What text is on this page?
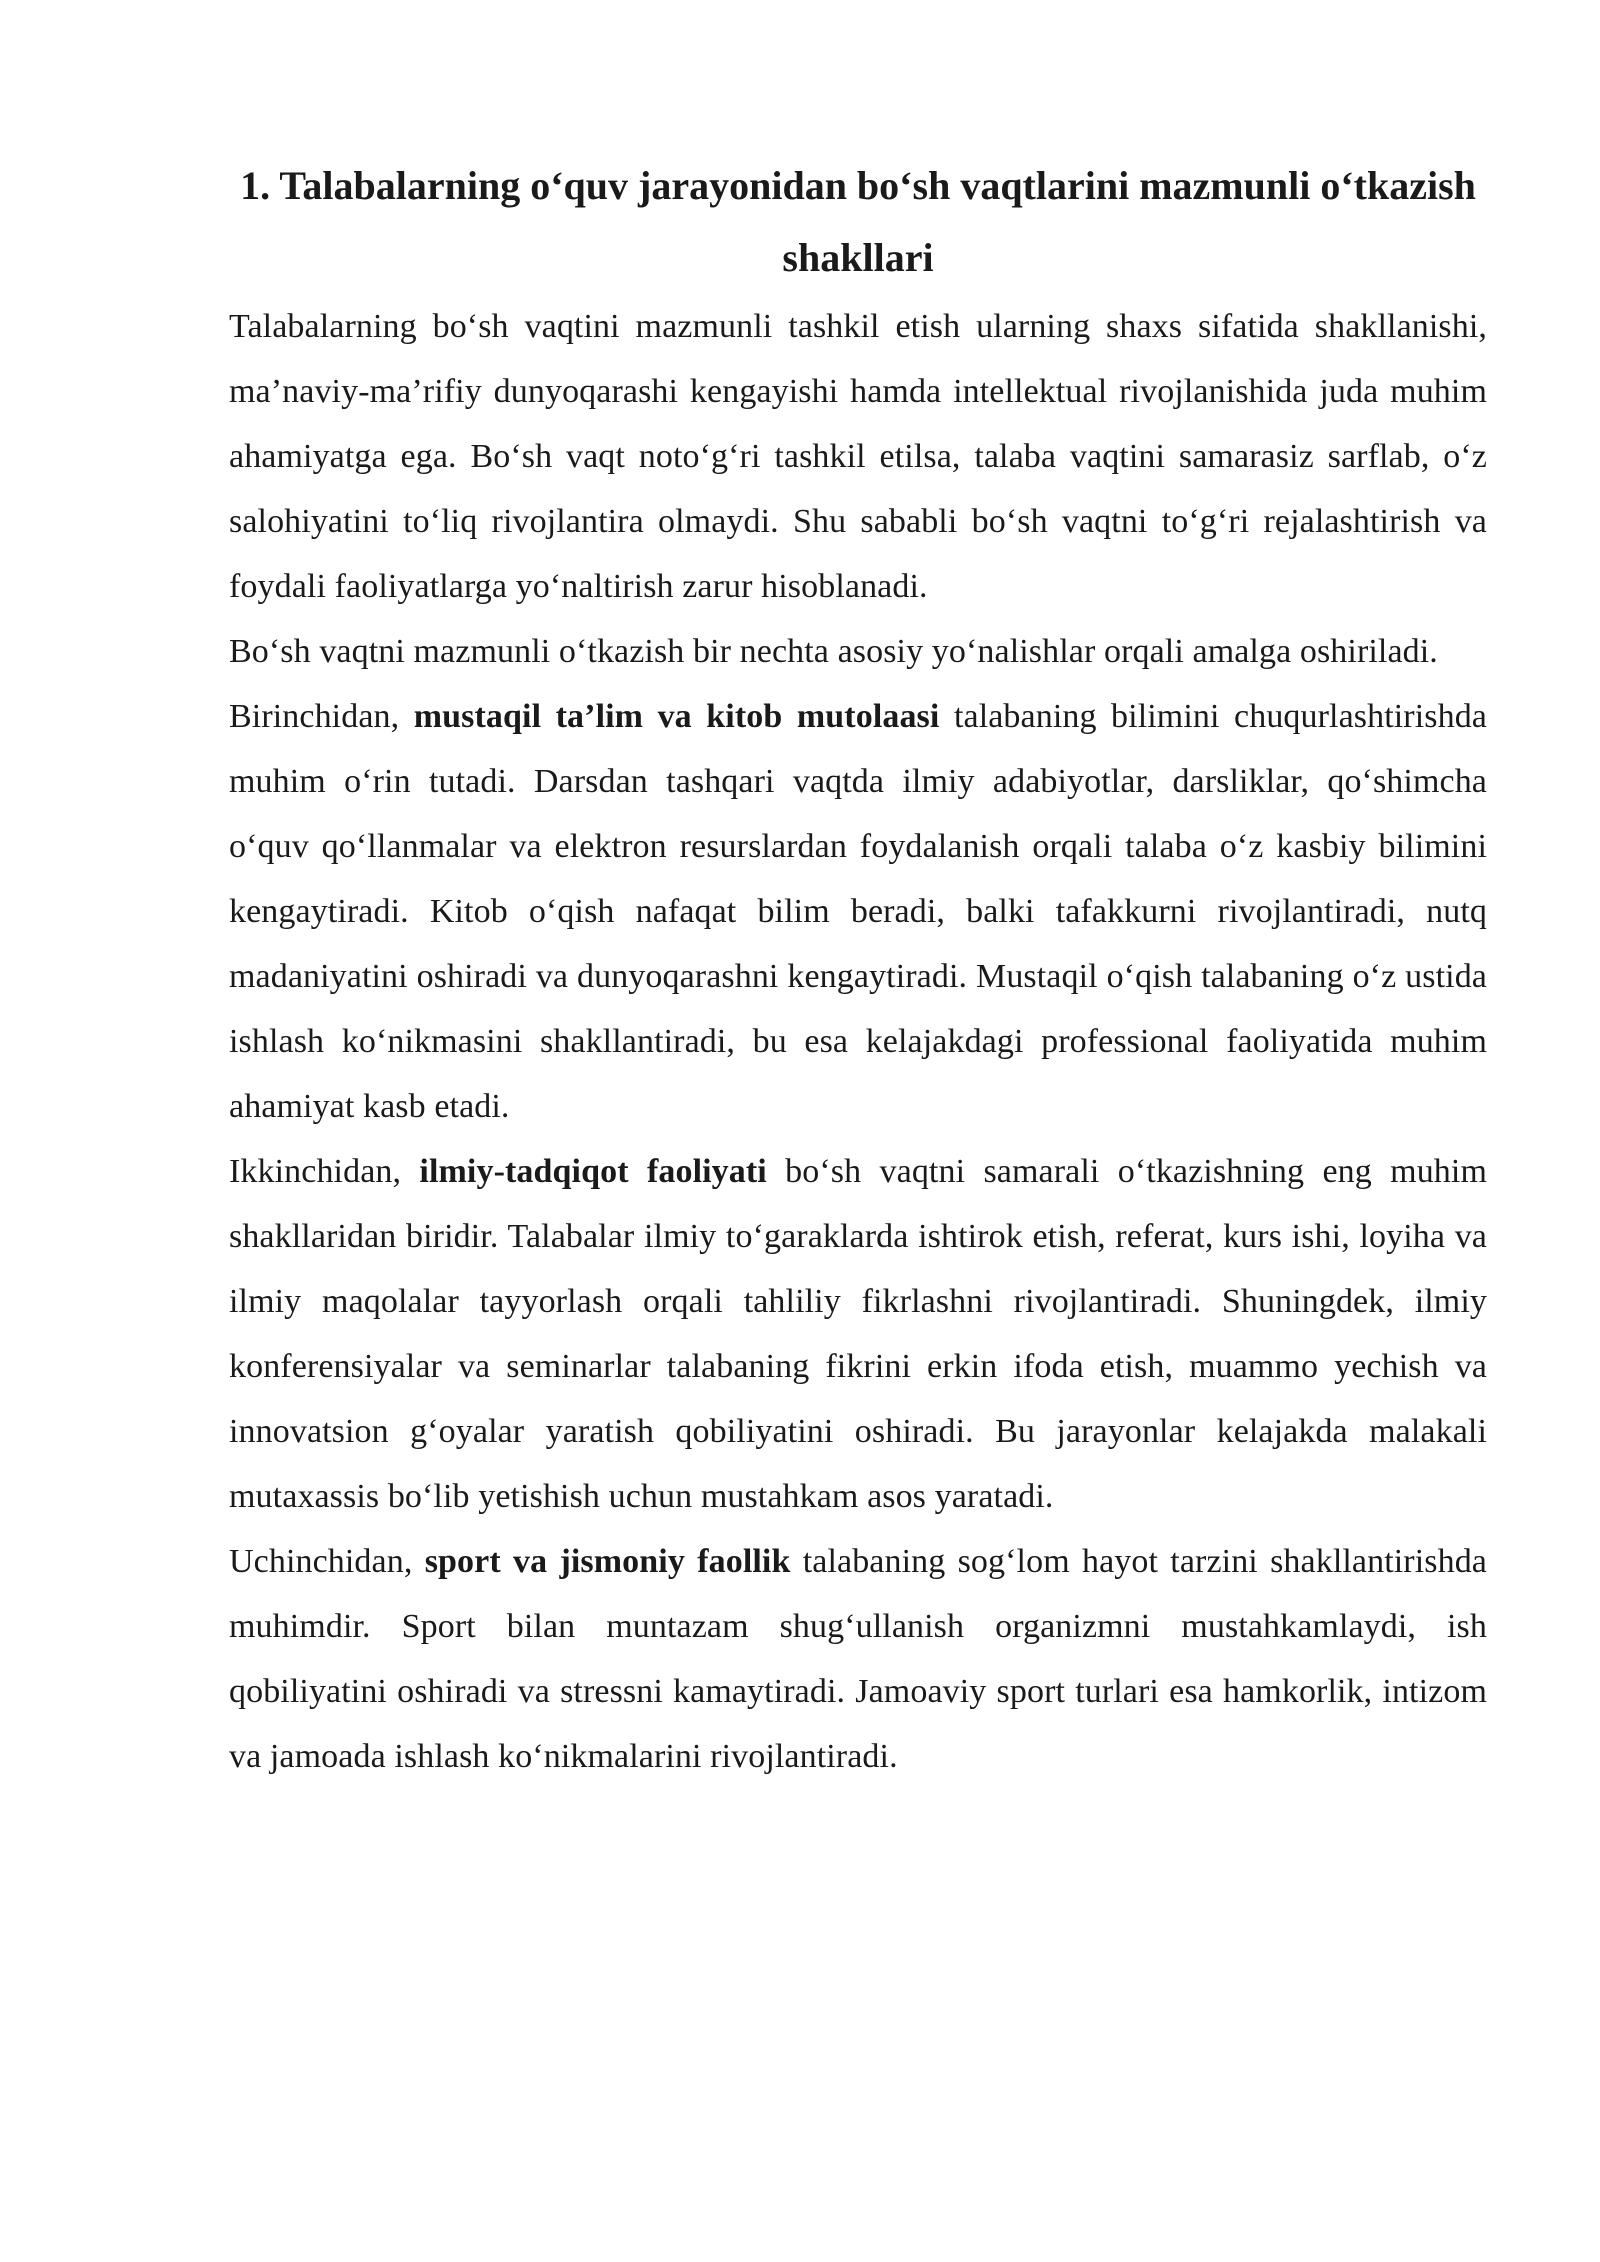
1. Talabalarning o‘quv jarayonidan bo‘sh vaqtlarini mazmunli o‘tkazish shakllari

Talabalarning bo‘sh vaqtini mazmunli tashkil etish ularning shaxs sifatida shakllanishi, ma’naviy-ma’rifiy dunyoqarashi kengayishi hamda intellektual rivojlanishida juda muhim ahamiyatga ega. Bo‘sh vaqt noto‘g‘ri tashkil etilsa, talaba vaqtini samarasiz sarflab, o‘z salohiyatini to‘liq rivojlantira olmaydi. Shu sababli bo‘sh vaqtni to‘g‘ri rejalashtirish va foydali faoliyatlarga yo‘naltirish zarur hisoblanadi.

Bo‘sh vaqtni mazmunli o‘tkazish bir nechta asosiy yo‘nalishlar orqali amalga oshiriladi.

Birinchidan, mustaqil ta’lim va kitob mutolaasi talabaning bilimini chuqurlashtirishda muhim o‘rin tutadi. Darsdan tashqari vaqtda ilmiy adabiyotlar, darsliklar, qo‘shimcha o‘quv qo‘llanmalar va elektron resurslardan foydalanish orqali talaba o‘z kasbiy bilimini kengaytiradi. Kitob o‘qish nafaqat bilim beradi, balki tafakkurni rivojlantiradi, nutq madaniyatini oshiradi va dunyoqarashni kengaytiradi. Mustaqil o‘qish talabaning o‘z ustida ishlash ko‘nikmasini shakllantiradi, bu esa kelajakdagi professional faoliyatida muhim ahamiyat kasb etadi.

Ikkinchidan, ilmiy-tadqiqot faoliyati bo‘sh vaqtni samarali o‘tkazishning eng muhim shakllaridan biridir. Talabalar ilmiy to‘garaklarda ishtirok etish, referat, kurs ishi, loyiha va ilmiy maqolalar tayyorlash orqali tahliliy fikrlashni rivojlantiradi. Shuningdek, ilmiy konferensiyalar va seminarlar talabaning fikrini erkin ifoda etish, muammo yechish va innovatsion g‘oyalar yaratish qobiliyatini oshiradi. Bu jarayonlar kelajakda malakali mutaxassis bo‘lib yetishish uchun mustahkam asos yaratadi.

Uchinchidan, sport va jismoniy faollik talabaning sog‘lom hayot tarzini shakllantirishda muhimdir. Sport bilan muntazam shug‘ullanish organizmni mustahkamlaydi, ish qobiliyatini oshiradi va stressni kamaytiradi. Jamoaviy sport turlari esa hamkorlik, intizom va jamoada ishlash ko‘nikmalarini rivojlantiradi.
